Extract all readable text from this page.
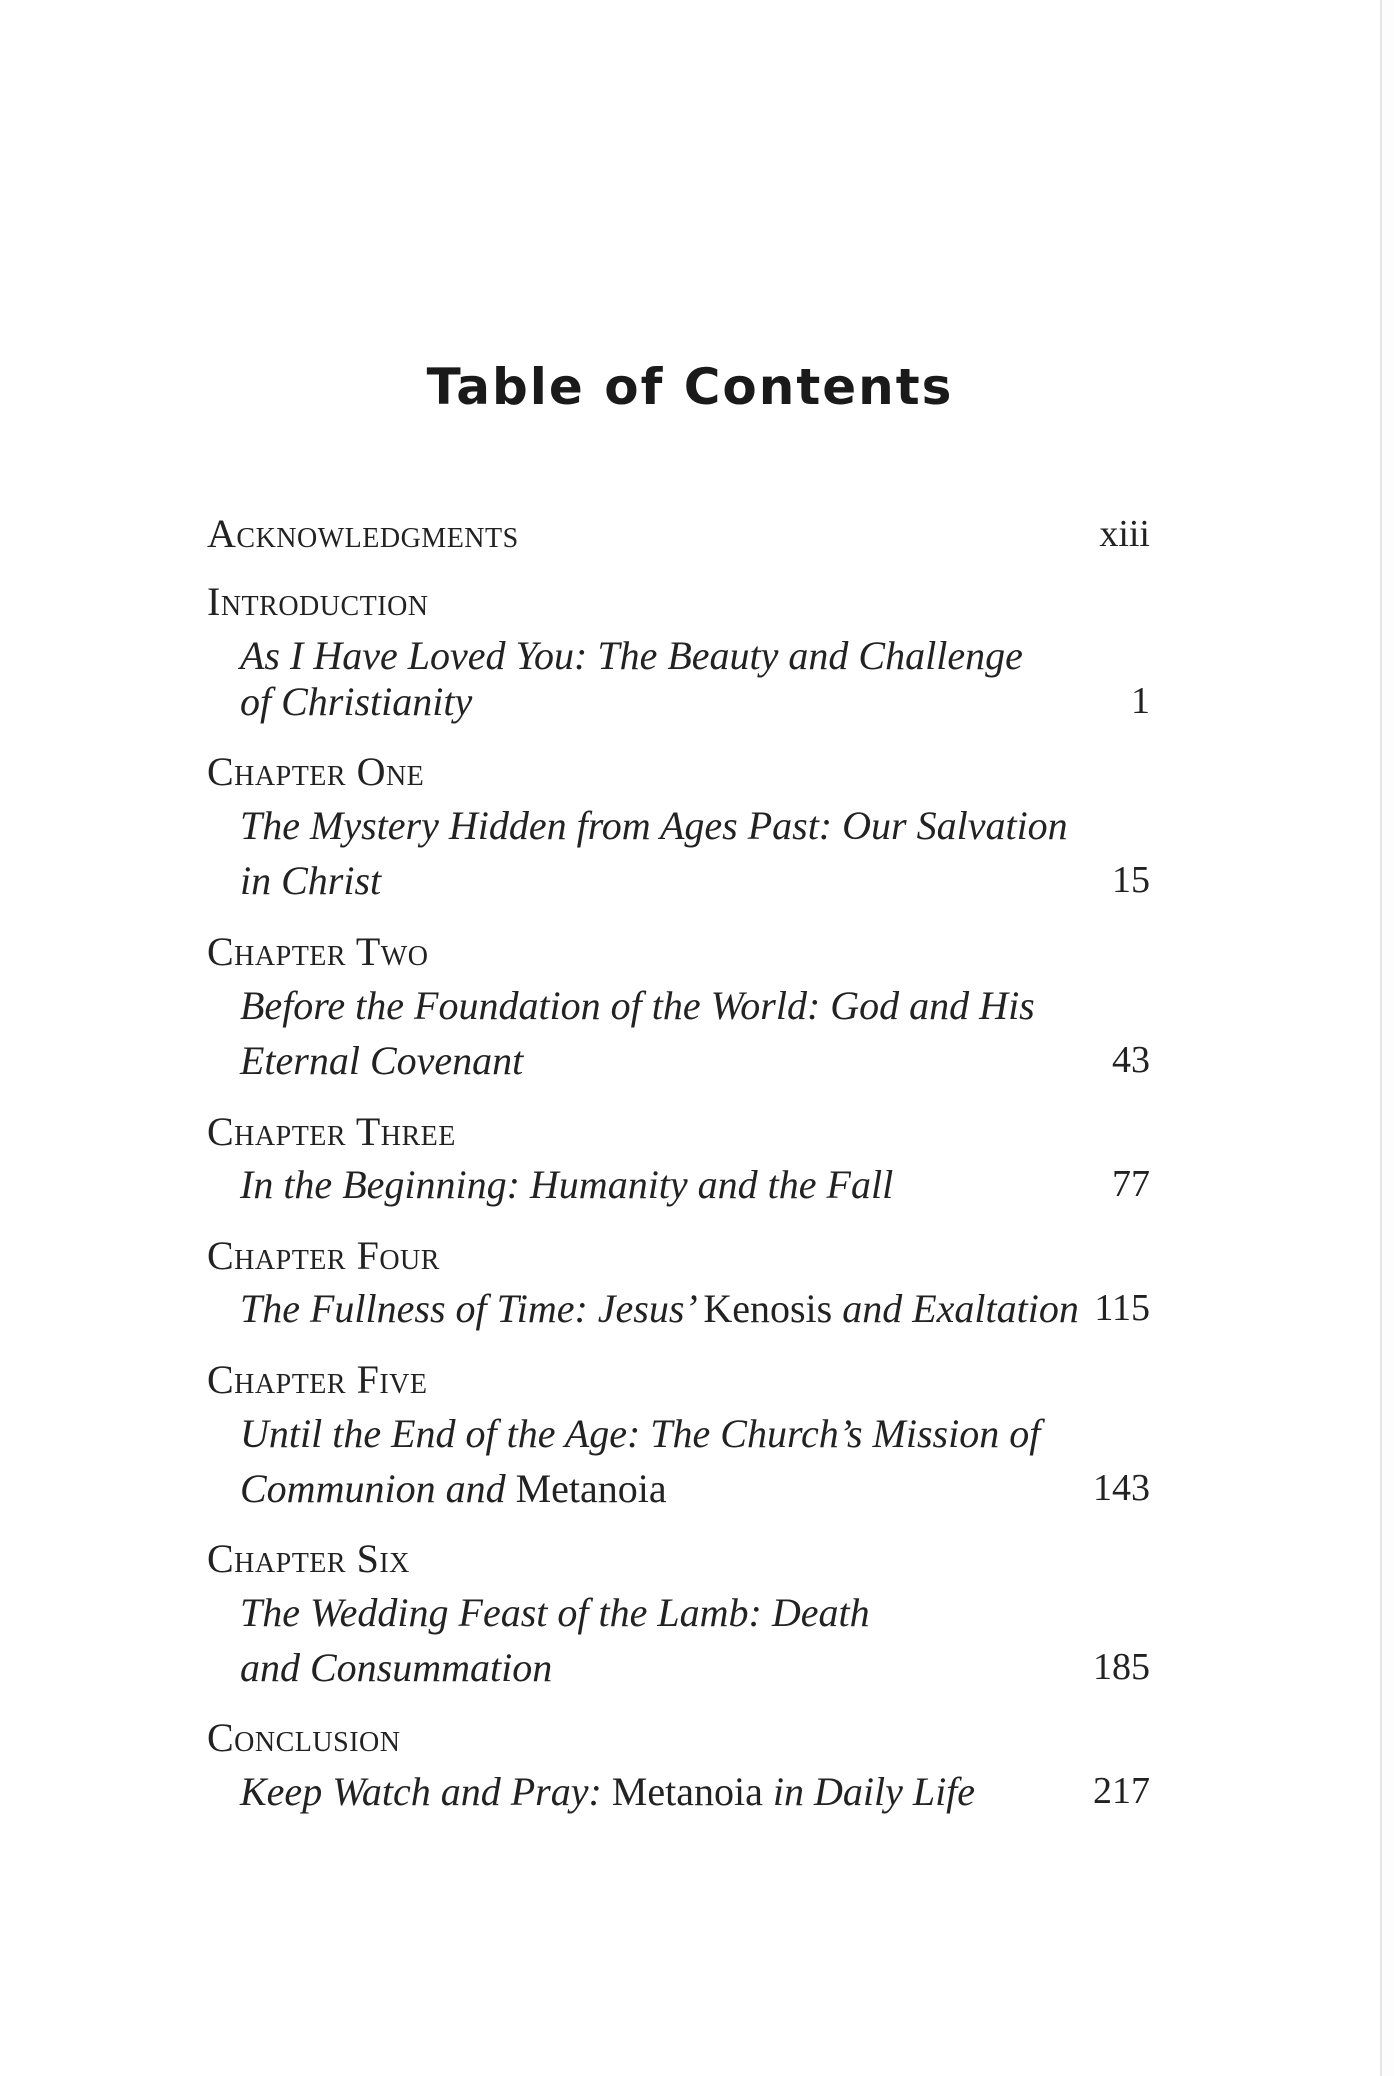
Table of Contents
Acknowledgments	xiii
Introduction
As I Have Loved You: The Beauty and Challenge
of Christianity	1
Chapter One
The Mystery Hidden from Ages Past: Our Salvation
in Christ	15
Chapter Two
Before the Foundation of the World: God and His
Eternal Covenant	43
Chapter Three
In the Beginning: Humanity and the Fall	77
Chapter Four
The Fullness of Time: Jesus’ Kenosis and Exaltation 115
Chapter Five
Until the End of the Age: The Church’s Mission of
Communion and Metanoia	143
Chapter Six
The Wedding Feast of the Lamb: Death
and Consummation	185
Conclusion
Keep Watch and Pray: Metanoia in Daily Life	217
